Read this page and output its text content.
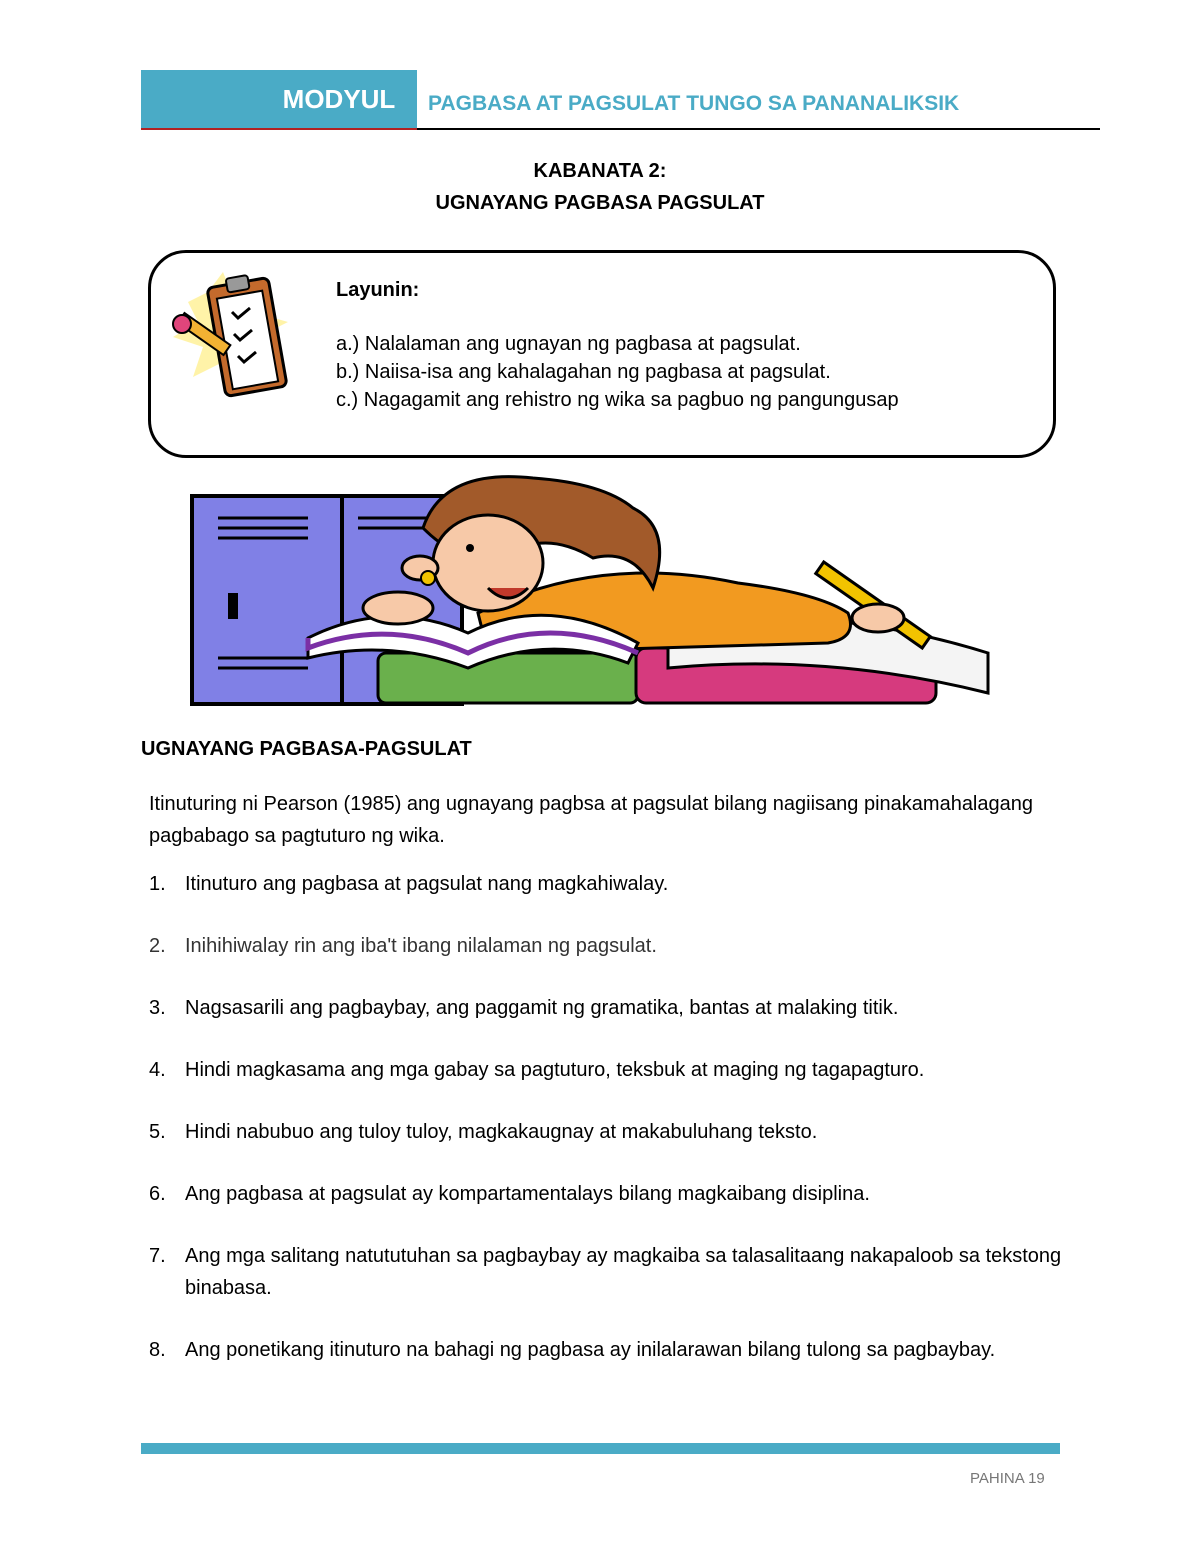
MODYUL	PAGBASA AT PAGSULAT TUNGO SA PANANALIKSIK
KABANATA 2:
UGNAYANG PAGBASA PAGSULAT
Layunin:
a.) Nalalaman ang ugnayan ng pagbasa at pagsulat.
b.) Naiisa-isa ang kahalagahan ng pagbasa at pagsulat.
c.) Nagagamit ang rehistro ng wika sa pagbuo ng pangungusap
UGNAYANG PAGBASA-PAGSULAT
Itinuturing ni Pearson (1985) ang ugnayang pagbsa at pagsulat bilang nagiisang pinakamahalagang pagbabago sa pagtuturo ng wika.
1. Itinuturo ang pagbasa at pagsulat nang magkahiwalay.
2. Inihihiwalay rin ang iba't ibang nilalaman ng pagsulat.
3. Nagsasarili ang pagbaybay, ang paggamit ng gramatika, bantas at malaking titik.
4. Hindi magkasama ang mga gabay sa pagtuturo, teksbuk at maging ng tagapagturo.
5. Hindi nabubuo ang tuloy tuloy, magkakaugnay at makabuluhang teksto.
6. Ang pagbasa at pagsulat ay kompartamentalays bilang magkaibang disiplina.
7. Ang mga salitang natututuhan sa pagbaybay ay magkaiba sa talasalitaang nakapaloob sa tekstong binabasa.
8. Ang ponetikang itinuturo na bahagi ng pagbasa ay inilalarawan bilang tulong sa pagbaybay.
PAHINA 19
